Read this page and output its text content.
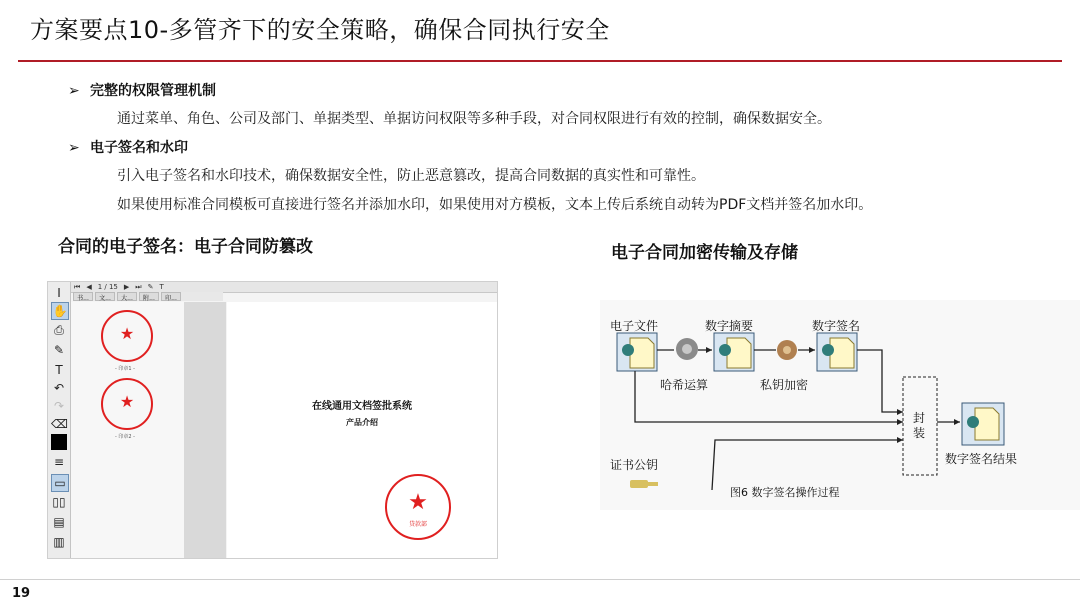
方案要点10-多管齐下的安全策略，确保合同执行安全
➢ 完整的权限管理机制
通过菜单、角色、公司及部门、单据类型、单据访问权限等多种手段，对合同权限进行有效的控制，确保数据安全。
➢ 电子签名和水印
引入电子签名和水印技术，确保数据安全性，防止恶意篡改，提高合同数据的真实性和可靠性。
如果使用标准合同模板可直接进行签名并添加水印，如果使用对方模板，文本上传后系统自动转为PDF文档并签名加水印。
合同的电子签名：电子合同防篡改	电子合同加密传输及存储
⏮ ◀ 1 / 15 ▶ ⏭ ✎ T
书...	文...	大...	附...	印...
I
✋
⎙
✎
T
↶
↷
⌫
≡
▭
▯▯
▤
▥
★
- 印章1 -
★
- 印章2 -
在线通用文档签批系统
产品介绍
★
贷款部
电子文件	数字摘要	数字签名
哈希运算	私钥加密
封
装
证书公钥	数字签名结果
图6 数字签名操作过程
19
